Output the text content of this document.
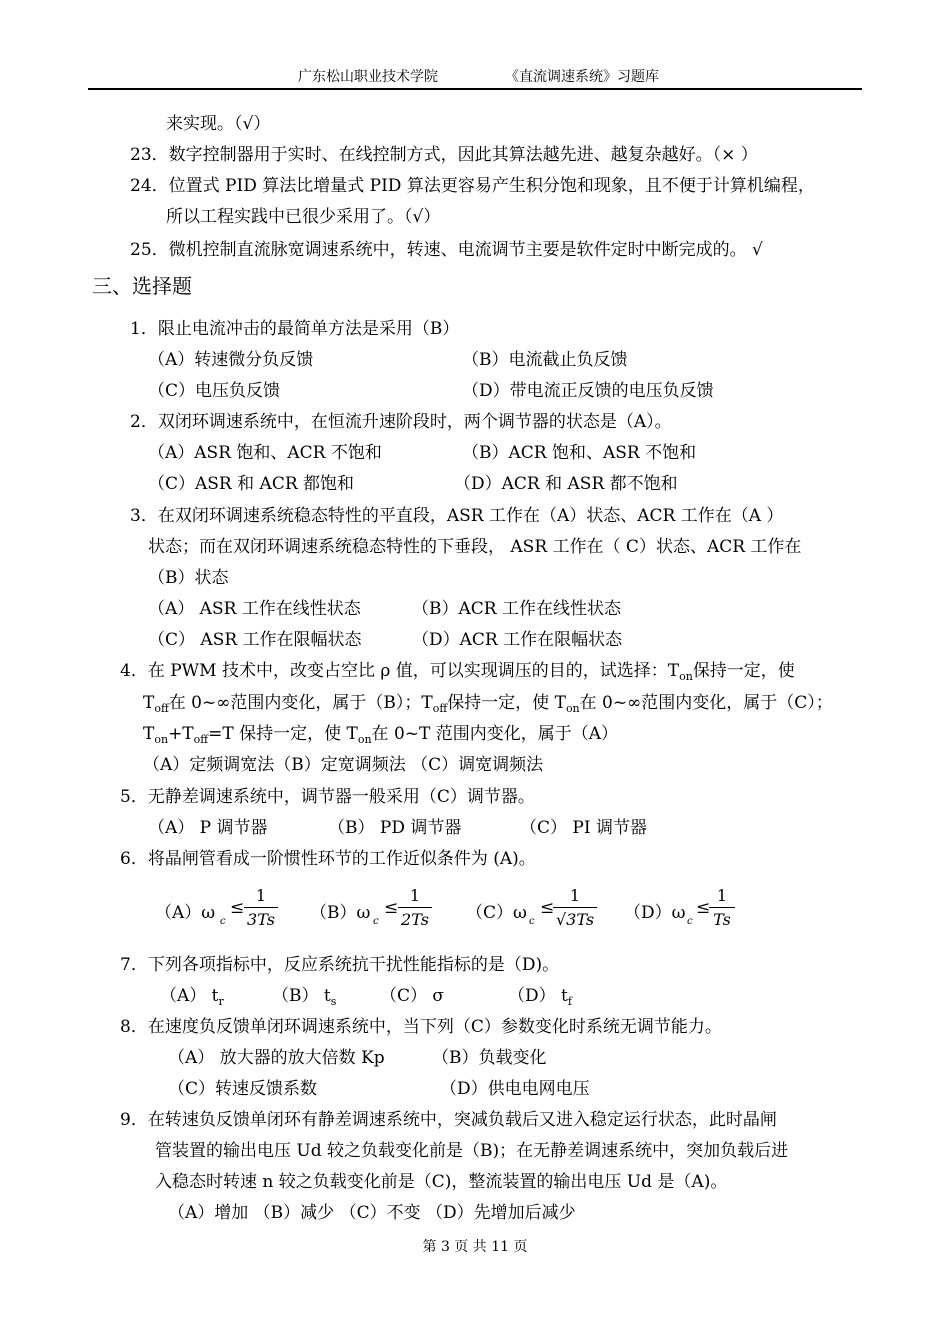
广东松山职业技术学院	《直流调速系统》习题库
来实现。（√）
23．数字控制器用于实时、在线控制方式，因此其算法越先进、越复杂越好。（× ）
24．位置式 PID 算法比增量式 PID 算法更容易产生积分饱和现象，且不便于计算机编程，
所以工程实践中已很少采用了。（√）
25．微机控制直流脉宽调速系统中，转速、电流调节主要是软件定时中断完成的。 √
三、选择题
1．限止电流冲击的最简单方法是采用（B）
（A）转速微分负反馈	（B）电流截止负反馈
（C）电压负反馈	（D）带电流正反馈的电压负反馈
2．双闭环调速系统中，在恒流升速阶段时，两个调节器的状态是（A）。
（A）ASR 饱和、ACR 不饱和	（B）ACR 饱和、ASR 不饱和
（C）ASR 和 ACR 都饱和	（D）ACR 和 ASR 都不饱和
3．在双闭环调速系统稳态特性的平直段，ASR 工作在（A）状态、ACR 工作在（A ）
状态；而在双闭环调速系统稳态特性的下垂段， ASR 工作在（ C）状态、ACR 工作在
（B）状态
（A） ASR 工作在线性状态	（B）ACR 工作在线性状态
（C） ASR 工作在限幅状态	（D）ACR 工作在限幅状态
4．在 PWM 技术中，改变占空比 ρ 值，可以实现调压的目的，试选择：$T_{on}$保持一定，使
$T_{off}$在 0~∞范围内变化，属于（B）；$T_{off}$保持一定，使 $T_{on}$在 0~∞范围内变化，属于（C）；
$T_{on}+T_{off}=T$ 保持一定，使 $T_{on}$在 0~T 范围内变化，属于（A）
（A）定频调宽法（B）定宽调频法 （C）调宽调频法
5．无静差调速系统中，调节器一般采用（C）调节器。
（A） P 调节器	（B） PD 调节器	（C） PI 调节器
6．将晶闸管看成一阶惯性环节的工作近似条件为 (A)。
（A）ω c
≤
1
3Ts （B）ω c
≤
1
2Ts （C）ω c
≤
1
√3Ts （D）ω c
≤
1
Ts
7．下列各项指标中，反应系统抗干扰性能指标的是（D)。
（A） $t_r$	（B） $t_s$	（C） σ	（D） $t_f$
8．在速度负反馈单闭环调速系统中，当下列（C）参数变化时系统无调节能力。
（A） 放大器的放大倍数 Kp	（B）负载变化
（C）转速反馈系数	（D）供电电网电压
9．在转速负反馈单闭环有静差调速系统中，突减负载后又进入稳定运行状态，此时晶闸
管装置的输出电压 Ud 较之负载变化前是（B)；在无静差调速系统中，突加负载后进
入稳态时转速 n 较之负载变化前是（C)，整流装置的输出电压 Ud 是（A)。
（A）增加 （B）减少 （C）不变 （D）先增加后减少
第 3 页 共 11 页
